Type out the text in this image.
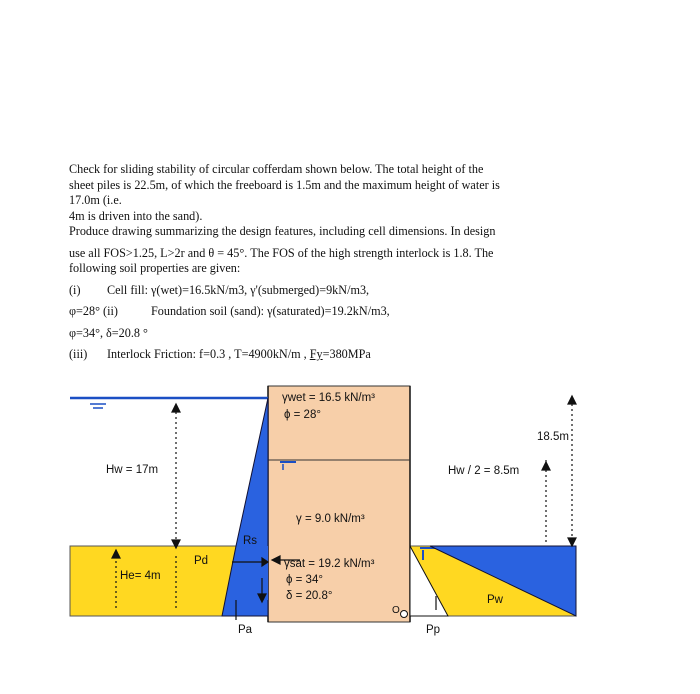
Check for sliding stability of circular cofferdam shown below. The total height of the

sheet piles is 22.5m, of which the freeboard is 1.5m and the maximum height of water is

17.0m (i.e.

4m is driven into the sand).

Produce drawing summarizing the design features, including cell dimensions. In design

use all FOS>1.25, L>2r and θ = 45°. The FOS of the high strength interlock is 1.8. The

following soil properties are given:

(i) Cell fill: γ(wet)=16.5kN/m3, γ'(submerged)=9kN/m3,

φ=28° (ii)	Foundation soil (sand): γ(saturated)=19.2kN/m3,

φ=34°, δ=20.8 °

(iii) Interlock Friction: f=0.3 , T=4900kN/m , Fy=380MPa

γwet = 16.5 kN/m³
ϕ = 28°
γ = 9.0 kN/m³
γsat = 19.2 kN/m³
ϕ = 34°
δ = 20.8°
Hw = 17m	Hw / 2 = 8.5m
He= 4m
18.5m
Pd
Rs
Pa	Pp
Pw
O
